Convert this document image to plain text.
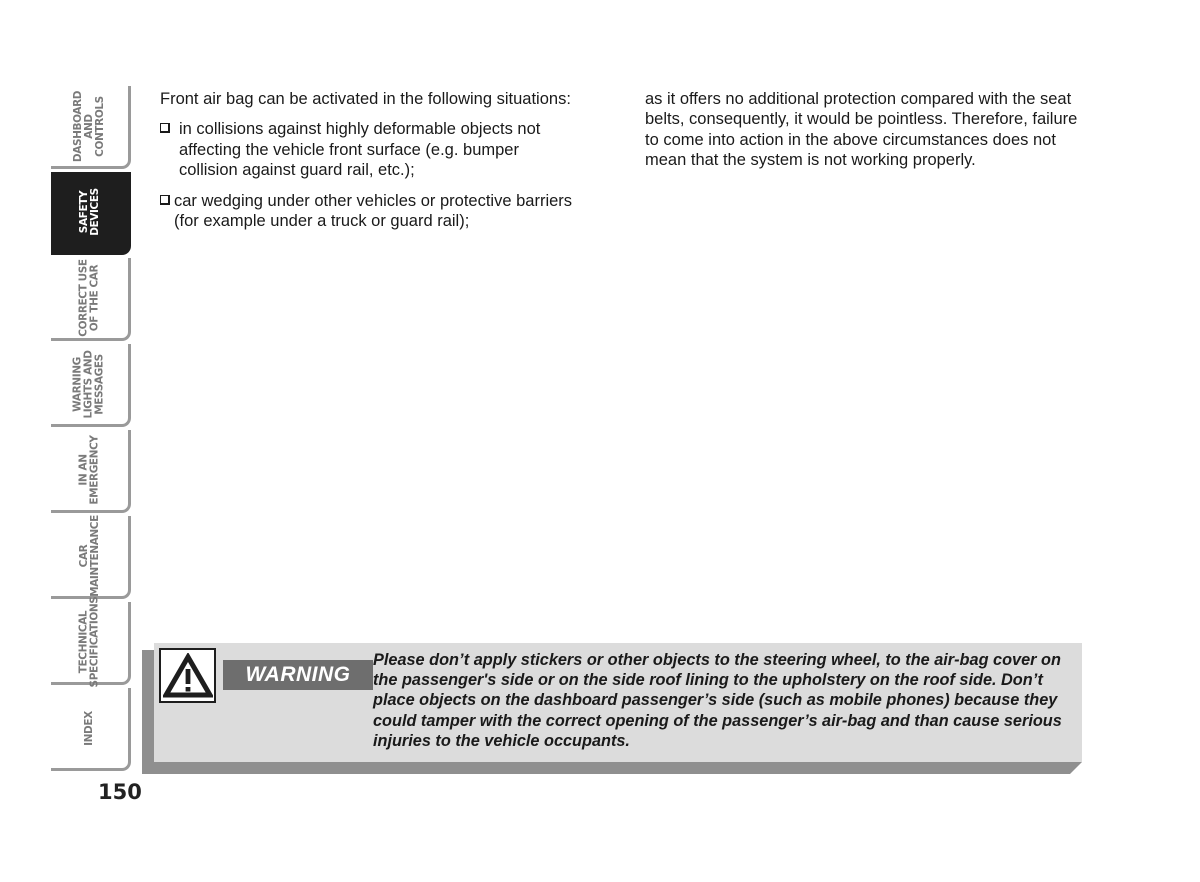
DASHBOARD
AND
CONTROLS
SAFETY
DEVICES
CORRECT USE
OF THE CAR
WARNING
LIGHTS AND
MESSAGES
IN AN
EMERGENCY
CAR
MAINTENANCE
TECHNICAL
SPECIFICATIONS
INDEX
150

Front air bag can be activated in the following situations:

in collisions against highly deformable objects not affecting the vehicle front surface (e.g. bumper collision against guard rail, etc.);
car wedging under other vehicles or protective barriers (for example under a truck or guard rail);

as it offers no additional protection compared with the seat belts, consequently, it would be pointless. Therefore, failure to come into action in the above circumstances does not mean that the system is not working properly.

WARNING

Please don’t apply stickers or other objects to the steering wheel, to the air-bag cover on the passenger's side or on the side roof lining to the upholstery on the roof side. Don’t place objects on the dashboard passenger’s side (such as mobile phones) because they could tamper with the correct opening of the passenger’s air-bag and than cause serious injuries to the vehicle occupants.
